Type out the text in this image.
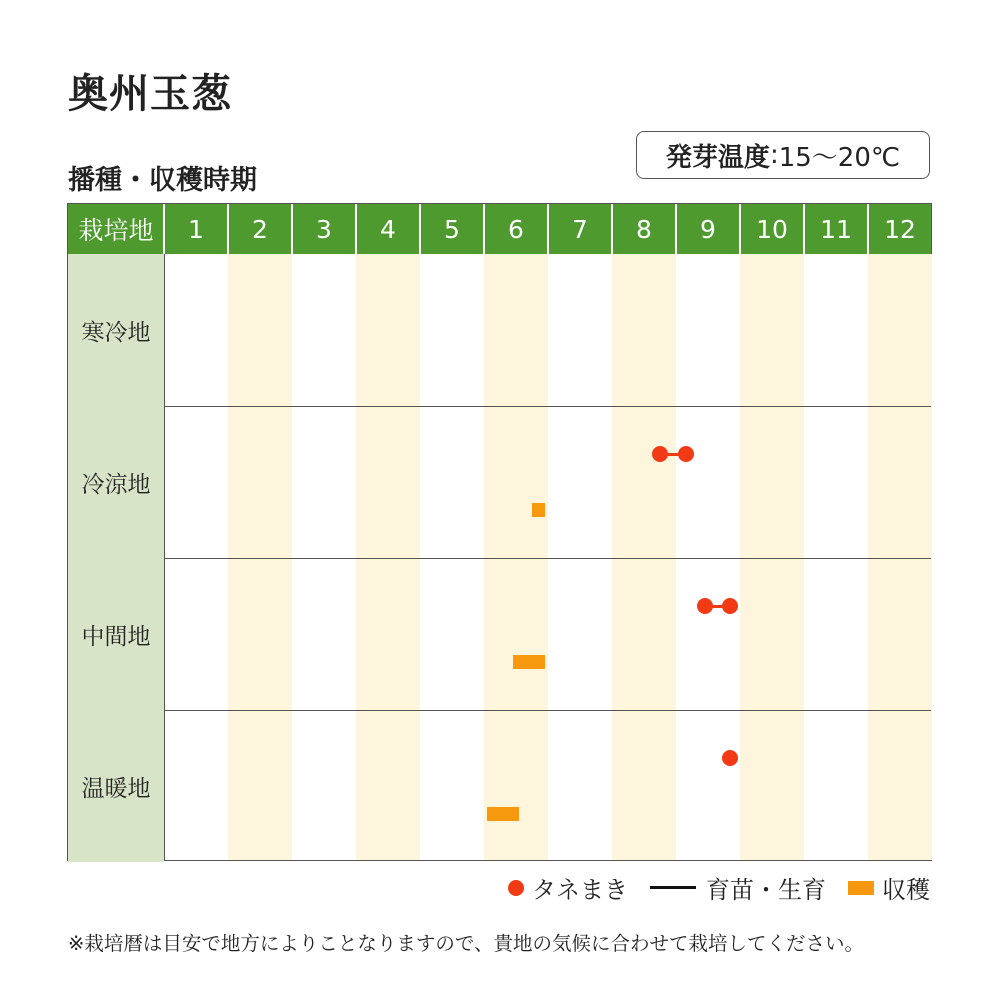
奥州玉葱
発芽温度 : 15〜20℃
播種・収穫時期
栽培地	1	2	3	4	5	6	7	8	9	10	11	12
寒冷地
冷涼地
中間地
温暖地
タネまき	育苗・生育 収穫
※栽培暦は目安で地方によりことなりますので、貴地の気候に合わせて栽培してください。
